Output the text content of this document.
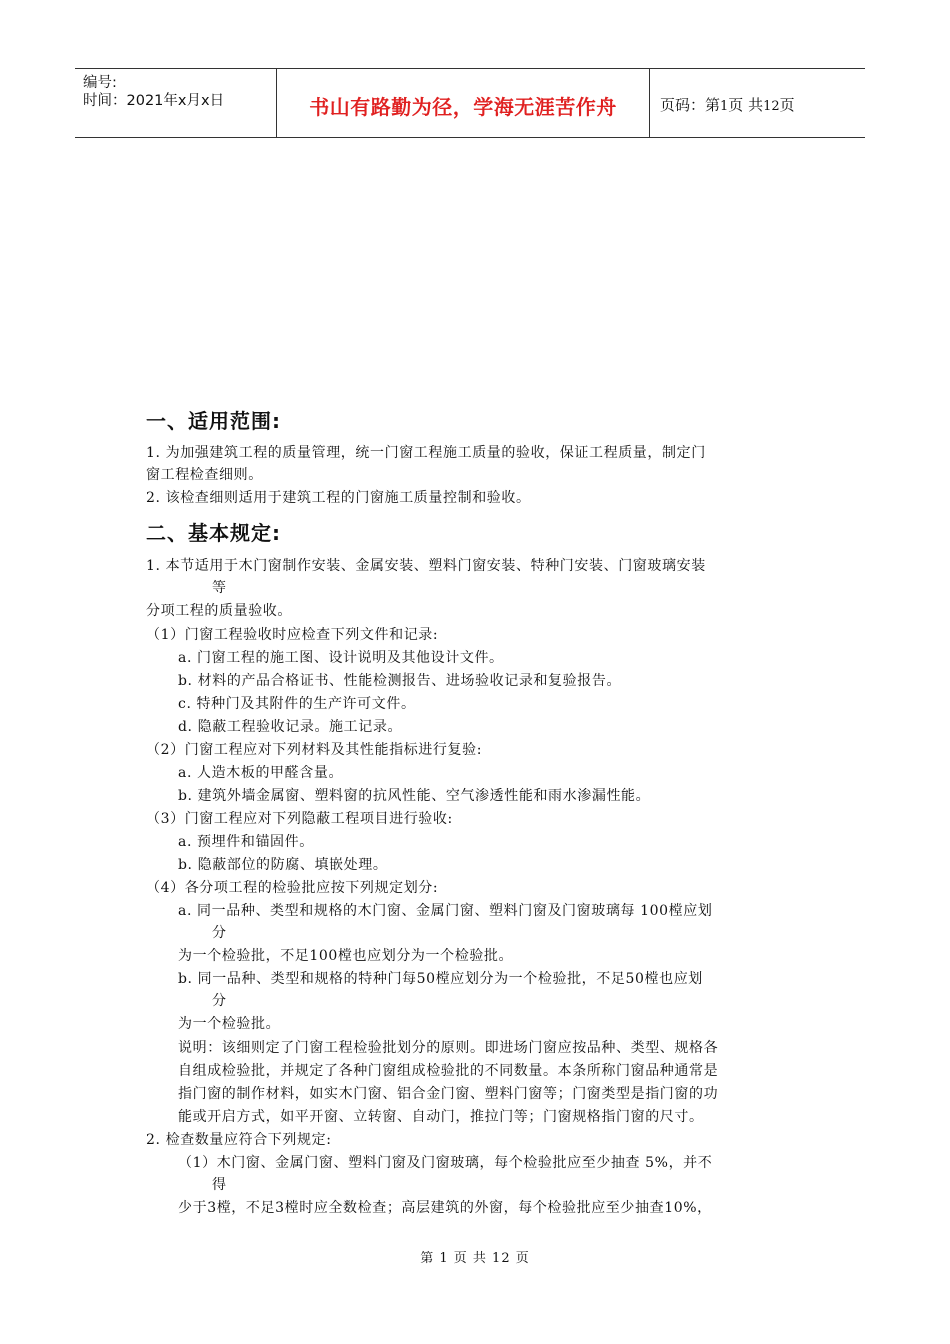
编号:
时间：2021年x月x日	书山有路勤为径，学海无涯苦作舟	页码：第1页 共12页
一、适用范围:
1. 为加强建筑工程的质量管理，统一门窗工程施工质量的验收，保证工程质量，制定门
窗工程检查细则。
2. 该检查细则适用于建筑工程的门窗施工质量控制和验收。
二、基本规定:
1. 本节适用于木门窗制作安装、金属安装、塑料门窗安装、特种门安装、门窗玻璃安装
等
分项工程的质量验收。
（1）门窗工程验收时应检查下列文件和记录:
a. 门窗工程的施工图、设计说明及其他设计文件。
b. 材料的产品合格证书、性能检测报告、进场验收记录和复验报告。
c. 特种门及其附件的生产许可文件。
d. 隐蔽工程验收记录。施工记录。
（2）门窗工程应对下列材料及其性能指标进行复验:
a. 人造木板的甲醛含量。
b. 建筑外墙金属窗、塑料窗的抗风性能、空气渗透性能和雨水渗漏性能。
（3）门窗工程应对下列隐蔽工程项目进行验收:
a. 预埋件和锚固件。
b. 隐蔽部位的防腐、填嵌处理。
（4）各分项工程的检验批应按下列规定划分:
a. 同一品种、类型和规格的木门窗、金属门窗、塑料门窗及门窗玻璃每 100樘应划
分
为一个检验批，不足100樘也应划分为一个检验批。
b. 同一品种、类型和规格的特种门每50樘应划分为一个检验批，不足50樘也应划
分
为一个检验批。
说明：该细则定了门窗工程检验批划分的原则。即进场门窗应按品种、类型、规格各
自组成检验批，并规定了各种门窗组成检验批的不同数量。本条所称门窗品种通常是
指门窗的制作材料，如实木门窗、铝合金门窗、塑料门窗等；门窗类型是指门窗的功
能或开启方式，如平开窗、立转窗、自动门，推拉门等；门窗规格指门窗的尺寸。
2. 检查数量应符合下列规定:
（1）木门窗、金属门窗、塑料门窗及门窗玻璃，每个检验批应至少抽查 5%，并不
得
少于3樘，不足3樘时应全数检查；高层建筑的外窗，每个检验批应至少抽查10%，
第 1 页 共 12 页
